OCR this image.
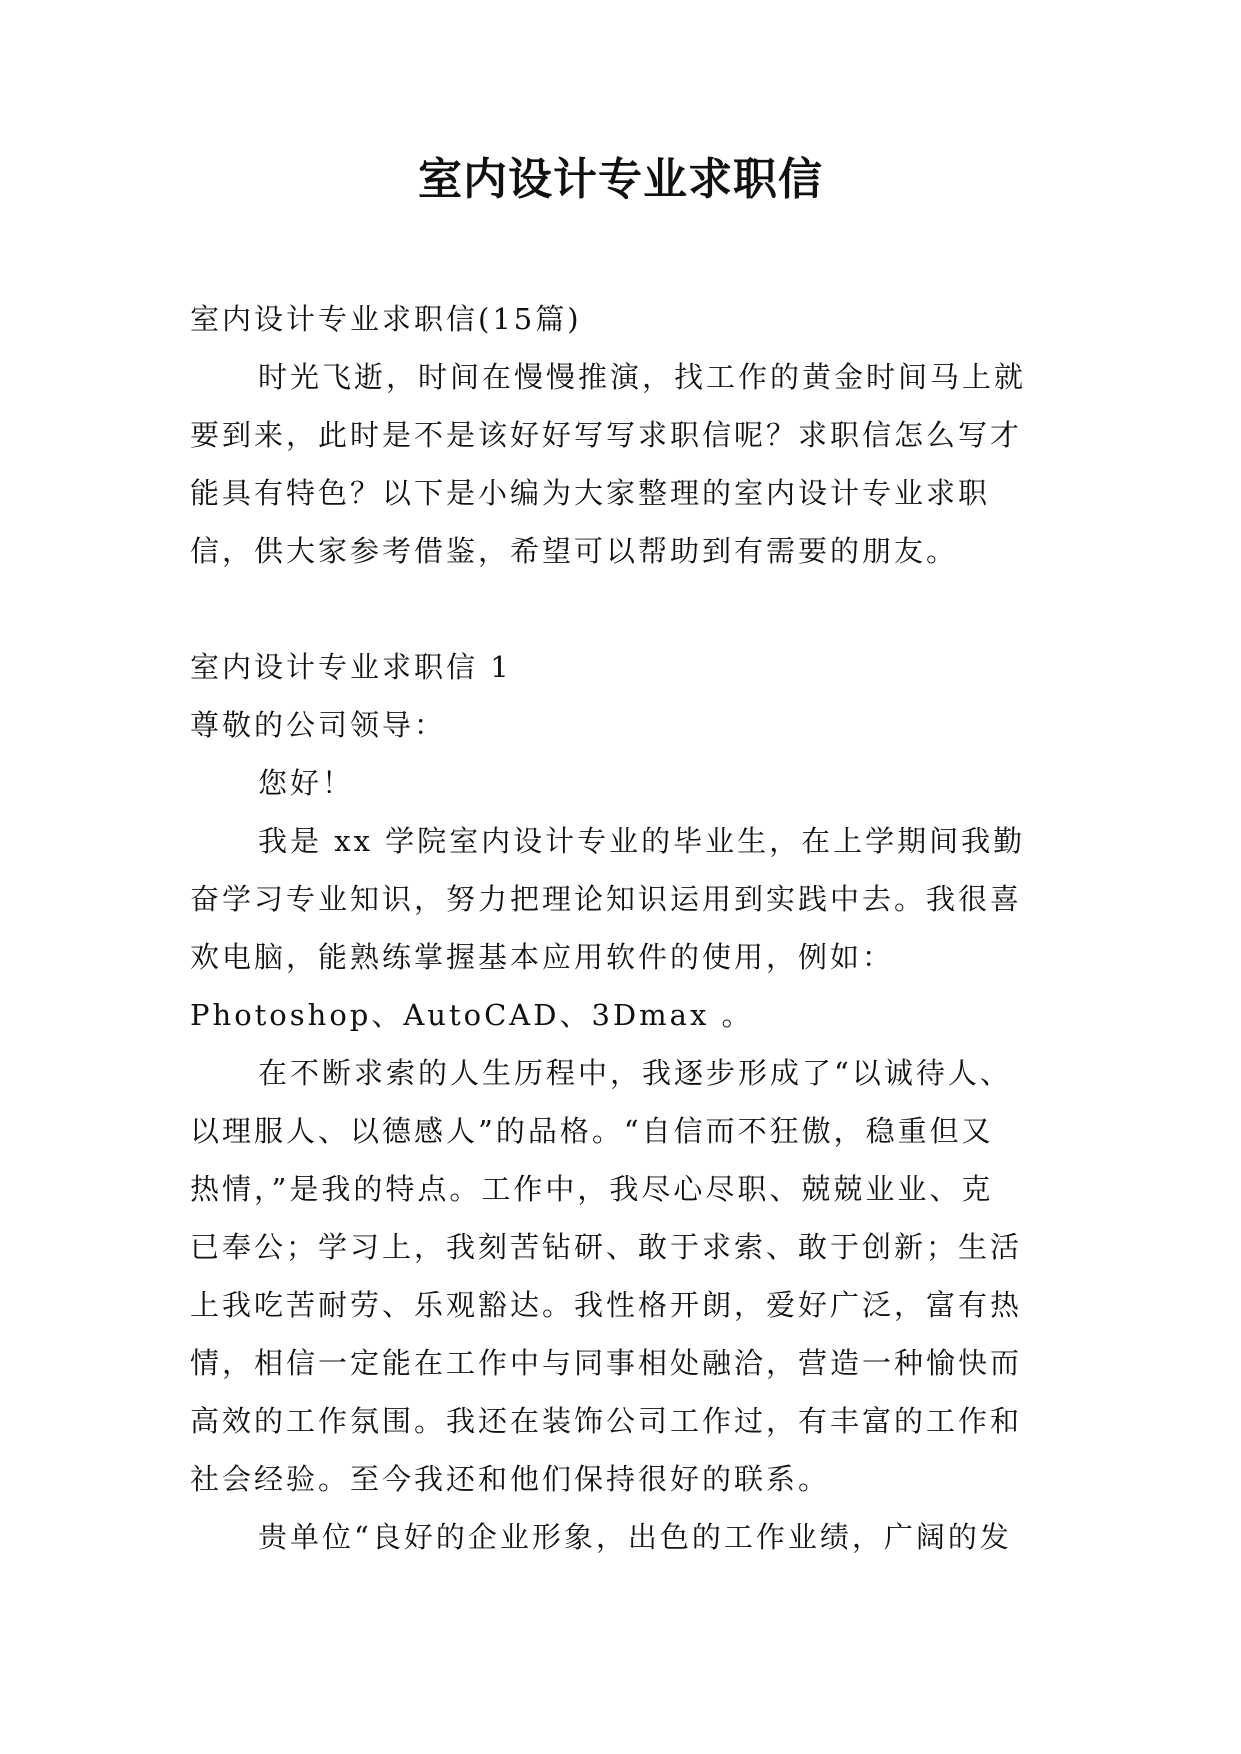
室内设计专业求职信

室内设计专业求职信(15篇)

时光飞逝，时间在慢慢推演，找工作的黄金时间马上就

要到来，此时是不是该好好写写求职信呢？求职信怎么写才

能具有特色？以下是小编为大家整理的室内设计专业求职

信，供大家参考借鉴，希望可以帮助到有需要的朋友。

室内设计专业求职信 1

尊敬的公司领导：

您好！

我是 xx 学院室内设计专业的毕业生，在上学期间我勤

奋学习专业知识，努力把理论知识运用到实践中去。我很喜

欢电脑，能熟练掌握基本应用软件的使用，例如：

Photoshop、AutoCAD、3Dmax 。

在不断求索的人生历程中，我逐步形成了“以诚待人、

以理服人、以德感人”的品格。“自信而不狂傲，稳重但又

热情，”是我的特点。工作中，我尽心尽职、兢兢业业、克

已奉公；学习上，我刻苦钻研、敢于求索、敢于创新；生活

上我吃苦耐劳、乐观豁达。我性格开朗，爱好广泛，富有热

情，相信一定能在工作中与同事相处融洽，营造一种愉快而

高效的工作氛围。我还在装饰公司工作过，有丰富的工作和

社会经验。至今我还和他们保持很好的联系。

贵单位“良好的企业形象，出色的工作业绩，广阔的发
